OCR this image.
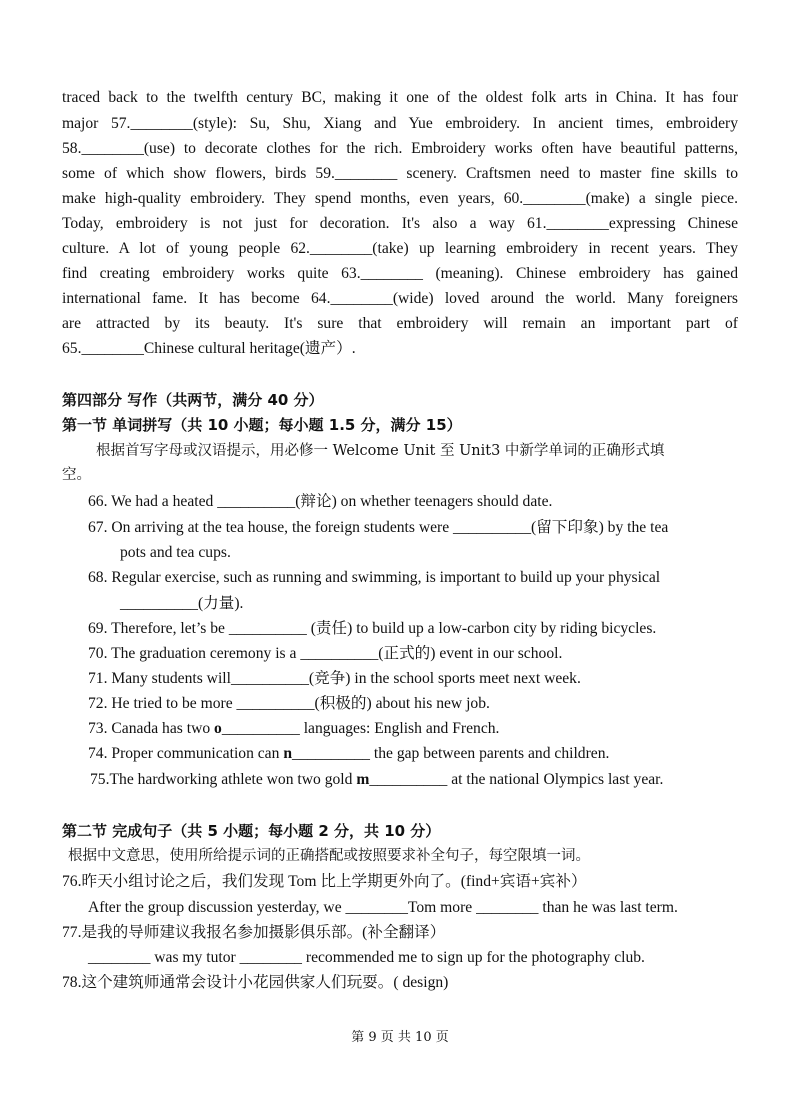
traced back to the twelfth century BC, making it one of the oldest folk arts in China. It has four
major 57.________(style): Su, Shu, Xiang and Yue embroidery. In ancient times, embroidery
58.________(use) to decorate clothes for the rich. Embroidery works often have beautiful patterns,
some of which show flowers, birds 59.________ scenery. Craftsmen need to master fine skills to
make high-quality embroidery. They spend months, even years, 60.________(make) a single piece.
Today, embroidery is not just for decoration. It's also a way 61.________expressing Chinese
culture. A lot of young people 62.________(take) up learning embroidery in recent years. They
find creating embroidery works quite 63.________ (meaning). Chinese embroidery has gained
international fame. It has become 64.________(wide) loved around the world. Many foreigners
are attracted by its beauty. It's sure that embroidery will remain an important part of
65.________Chinese cultural heritage(遗产）.
第四部分 写作（共两节，满分 40 分）
第一节 单词拼写（共 10 小题；每小题 1.5 分，满分 15）
根据首写字母或汉语提示，用必修一 Welcome Unit 至 Unit3 中新学单词的正确形式填
空。
66. We had a heated __________(辩论) on whether teenagers should date.
67. On arriving at the tea house, the foreign students were __________(留下印象) by the tea
pots and tea cups.
68. Regular exercise, such as running and swimming, is important to build up your physical
__________(力量).
69. Therefore, let’s be __________ (责任) to build up a low-carbon city by riding bicycles.
70. The graduation ceremony is a __________(正式的) event in our school.
71. Many students will__________(竞争) in the school sports meet next week.
72. He tried to be more __________(积极的) about his new job.
73. Canada has two o__________ languages: English and French.
74. Proper communication can n__________ the gap between parents and children.
75.The hardworking athlete won two gold m__________ at the national Olympics last year.
第二节 完成句子（共 5 小题；每小题 2 分，共 10 分）
根据中文意思，使用所给提示词的正确搭配或按照要求补全句子，每空限填一词。
76.昨天小组讨论之后，我们发现 Tom 比上学期更外向了。(find+宾语+宾补）
After the group discussion yesterday, we ________Tom more ________ than he was last term.
77.是我的导师建议我报名参加摄影俱乐部。(补全翻译）
________ was my tutor ________ recommended me to sign up for the photography club.
78.这个建筑师通常会设计小花园供家人们玩耍。( design)
第 9 页 共 10 页
